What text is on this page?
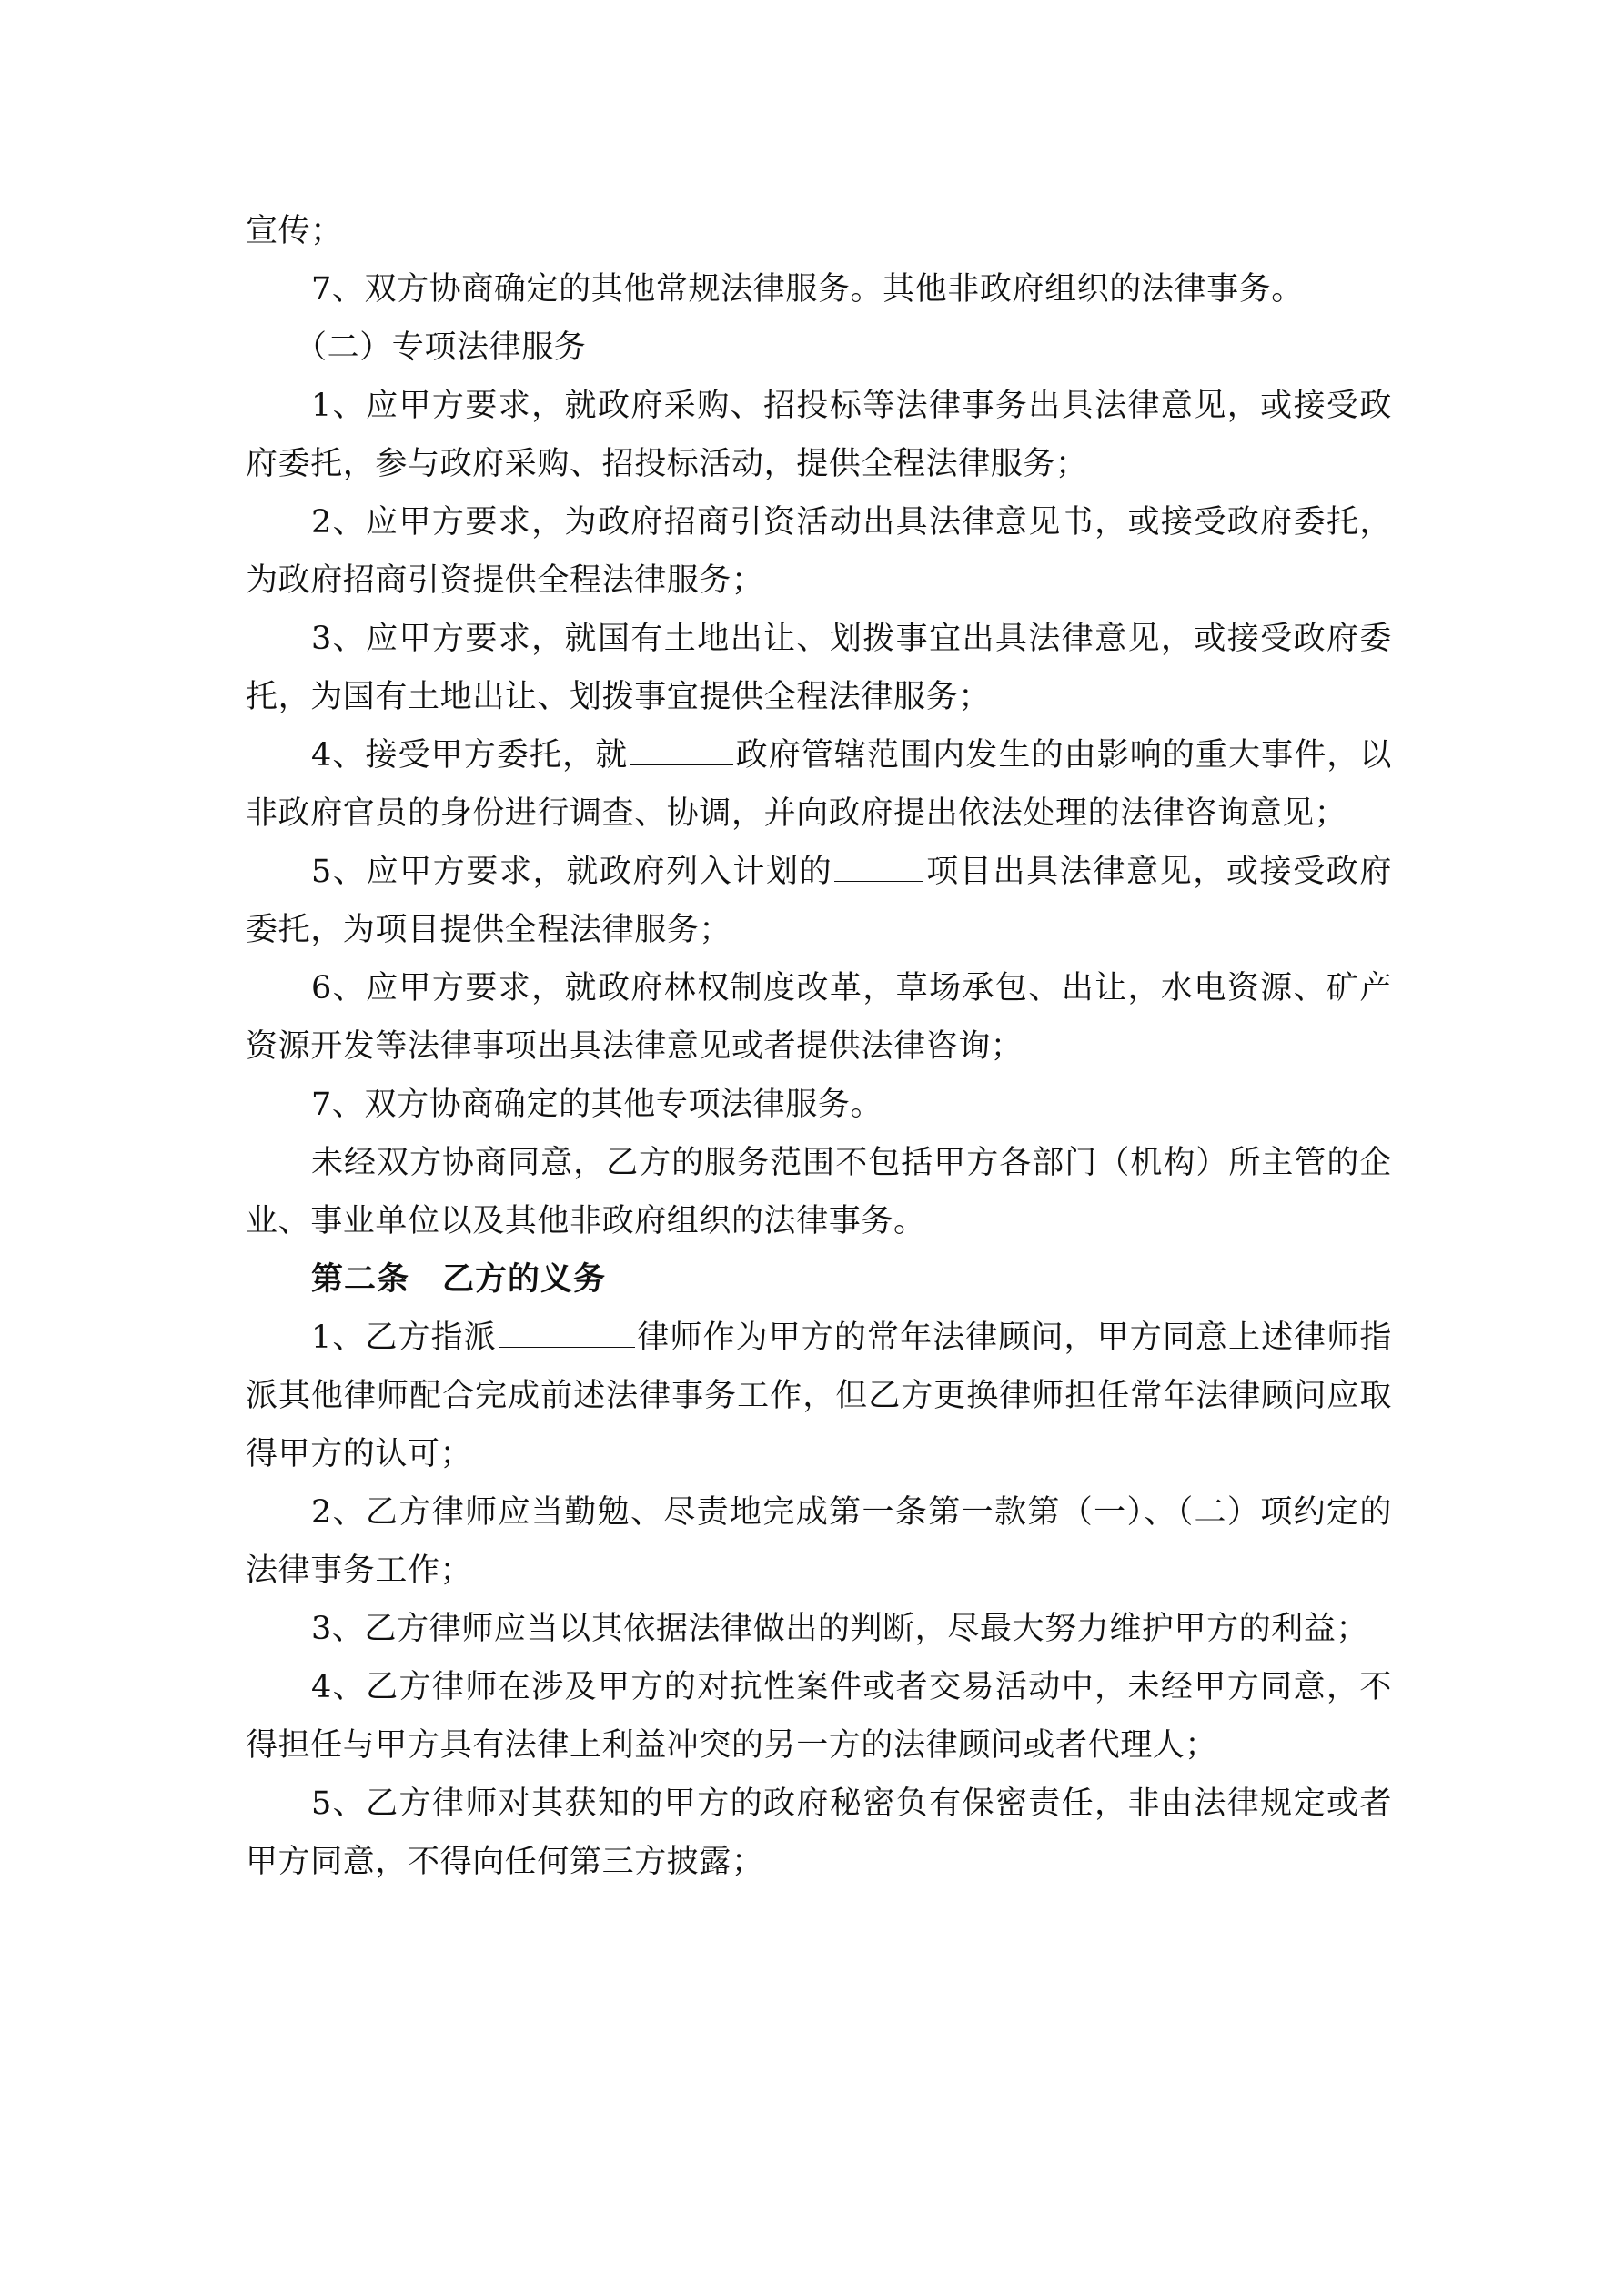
宣传；

7、双方协商确定的其他常规法律服务。其他非政府组织的法律事务。

（二）专项法律服务

1、应甲方要求，就政府采购、招投标等法律事务出具法律意见，或接受政府委托，参与政府采购、招投标活动，提供全程法律服务；

2、应甲方要求，为政府招商引资活动出具法律意见书，或接受政府委托，为政府招商引资提供全程法律服务；

3、应甲方要求，就国有土地出让、划拨事宜出具法律意见，或接受政府委托，为国有土地出让、划拨事宜提供全程法律服务；

4、接受甲方委托，就	政府管辖范围内发生的由影响的重大事件，以非政府官员的身份进行调查、协调，并向政府提出依法处理的法律咨询意见；

5、应甲方要求，就政府列入计划的	项目出具法律意见，或接受政府委托，为项目提供全程法律服务；

6、应甲方要求，就政府林权制度改革，草场承包、出让，水电资源、矿产资源开发等法律事项出具法律意见或者提供法律咨询；

7、双方协商确定的其他专项法律服务。

未经双方协商同意，乙方的服务范围不包括甲方各部门（机构）所主管的企业、事业单位以及其他非政府组织的法律事务。

第二条　乙方的义务

1、乙方指派	律师作为甲方的常年法律顾问，甲方同意上述律师指派其他律师配合完成前述法律事务工作，但乙方更换律师担任常年法律顾问应取得甲方的认可；

2、乙方律师应当勤勉、尽责地完成第一条第一款第（一）、（二）项约定的法律事务工作；

3、乙方律师应当以其依据法律做出的判断，尽最大努力维护甲方的利益；

4、乙方律师在涉及甲方的对抗性案件或者交易活动中，未经甲方同意，不得担任与甲方具有法律上利益冲突的另一方的法律顾问或者代理人；

5、乙方律师对其获知的甲方的政府秘密负有保密责任，非由法律规定或者甲方同意，不得向任何第三方披露；
